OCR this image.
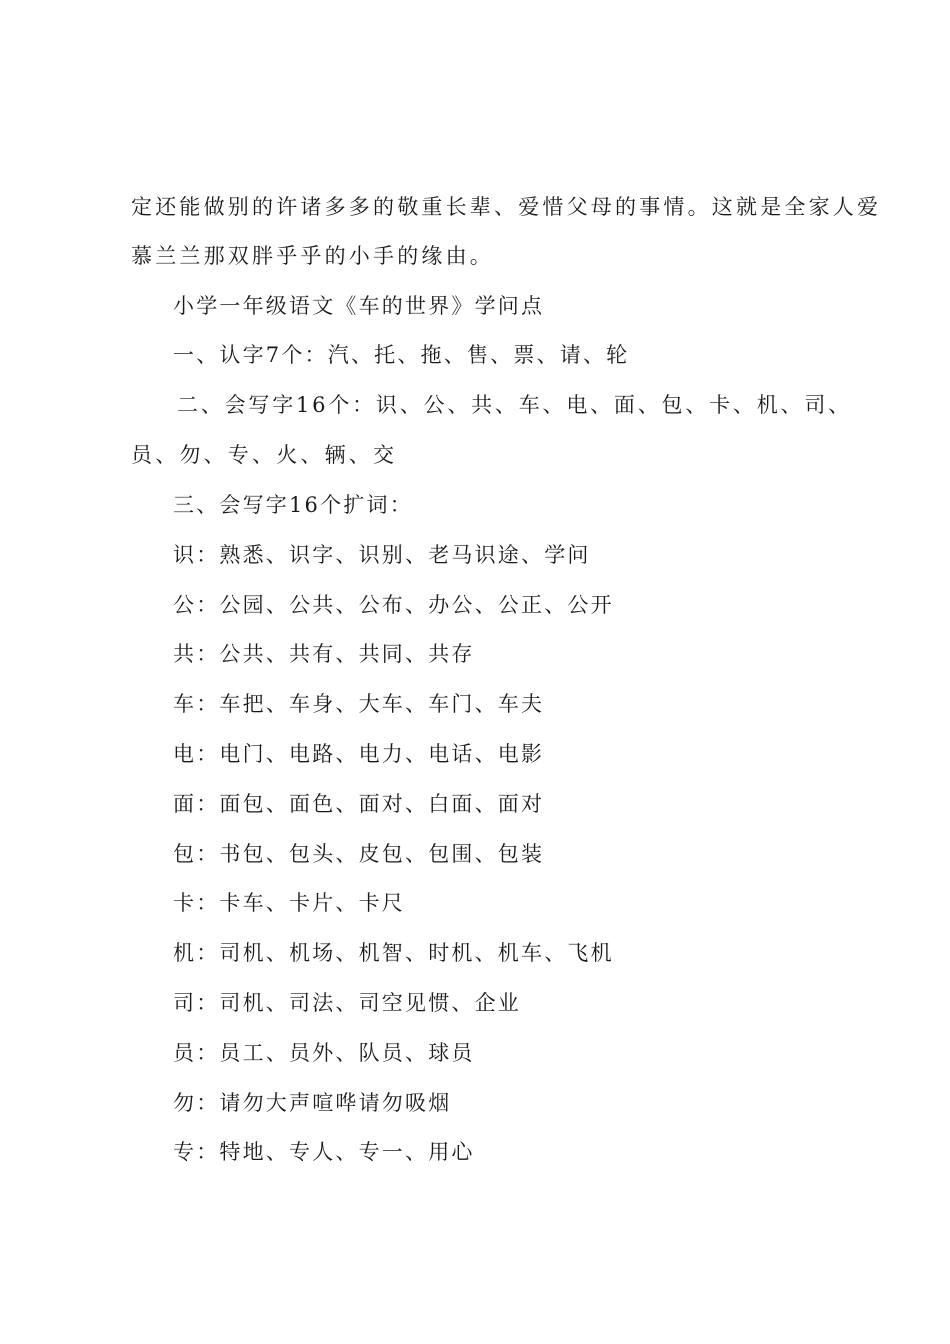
定还能做别的许诸多多的敬重长辈、爱惜父母的事情。这就是全家人爱
慕兰兰那双胖乎乎的小手的缘由。
小学一年级语文《车的世界》学问点
一、认字7个：汽、托、拖、售、票、请、轮
二、会写字16个：识、公、共、车、电、面、包、卡、机、司、
员、勿、专、火、辆、交
三、会写字16个扩词：
识：熟悉、识字、识别、老马识途、学问
公：公园、公共、公布、办公、公正、公开
共：公共、共有、共同、共存
车：车把、车身、大车、车门、车夫
电：电门、电路、电力、电话、电影
面：面包、面色、面对、白面、面对
包：书包、包头、皮包、包围、包装
卡：卡车、卡片、卡尺
机：司机、机场、机智、时机、机车、飞机
司：司机、司法、司空见惯、企业
员：员工、员外、队员、球员
勿：请勿大声喧哗请勿吸烟
专：特地、专人、专一、用心
